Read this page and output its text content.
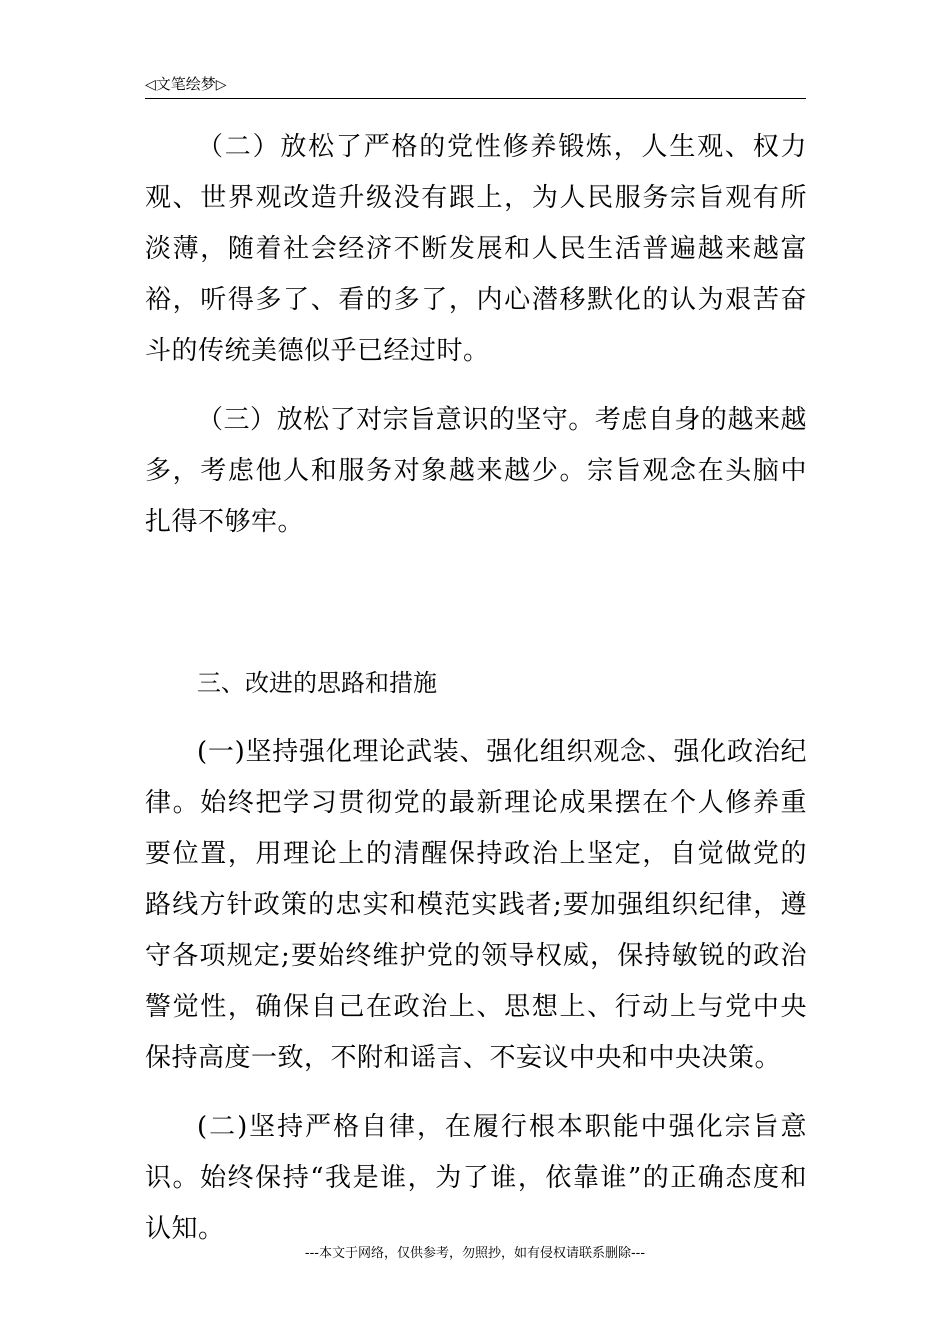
◁文笔绘梦▷

（二）放松了严格的党性修养锻炼，人生观、权力观、世界观改造升级没有跟上，为人民服务宗旨观有所淡薄，随着社会经济不断发展和人民生活普遍越来越富裕，听得多了、看的多了，内心潜移默化的认为艰苦奋斗的传统美德似乎已经过时。

（三）放松了对宗旨意识的坚守。考虑自身的越来越多，考虑他人和服务对象越来越少。宗旨观念在头脑中扎得不够牢。

三、改进的思路和措施

(一)坚持强化理论武装、强化组织观念、强化政治纪律。始终把学习贯彻党的最新理论成果摆在个人修养重要位置，用理论上的清醒保持政治上坚定，自觉做党的路线方针政策的忠实和模范实践者;要加强组织纪律，遵守各项规定;要始终维护党的领导权威，保持敏锐的政治警觉性，确保自己在政治上、思想上、行动上与党中央保持高度一致，不附和谣言、不妄议中央和中央决策。

(二)坚持严格自律，在履行根本职能中强化宗旨意识。始终保持“我是谁，为了谁，依靠谁”的正确态度和认知。

---本文于网络，仅供参考，勿照抄，如有侵权请联系删除---
